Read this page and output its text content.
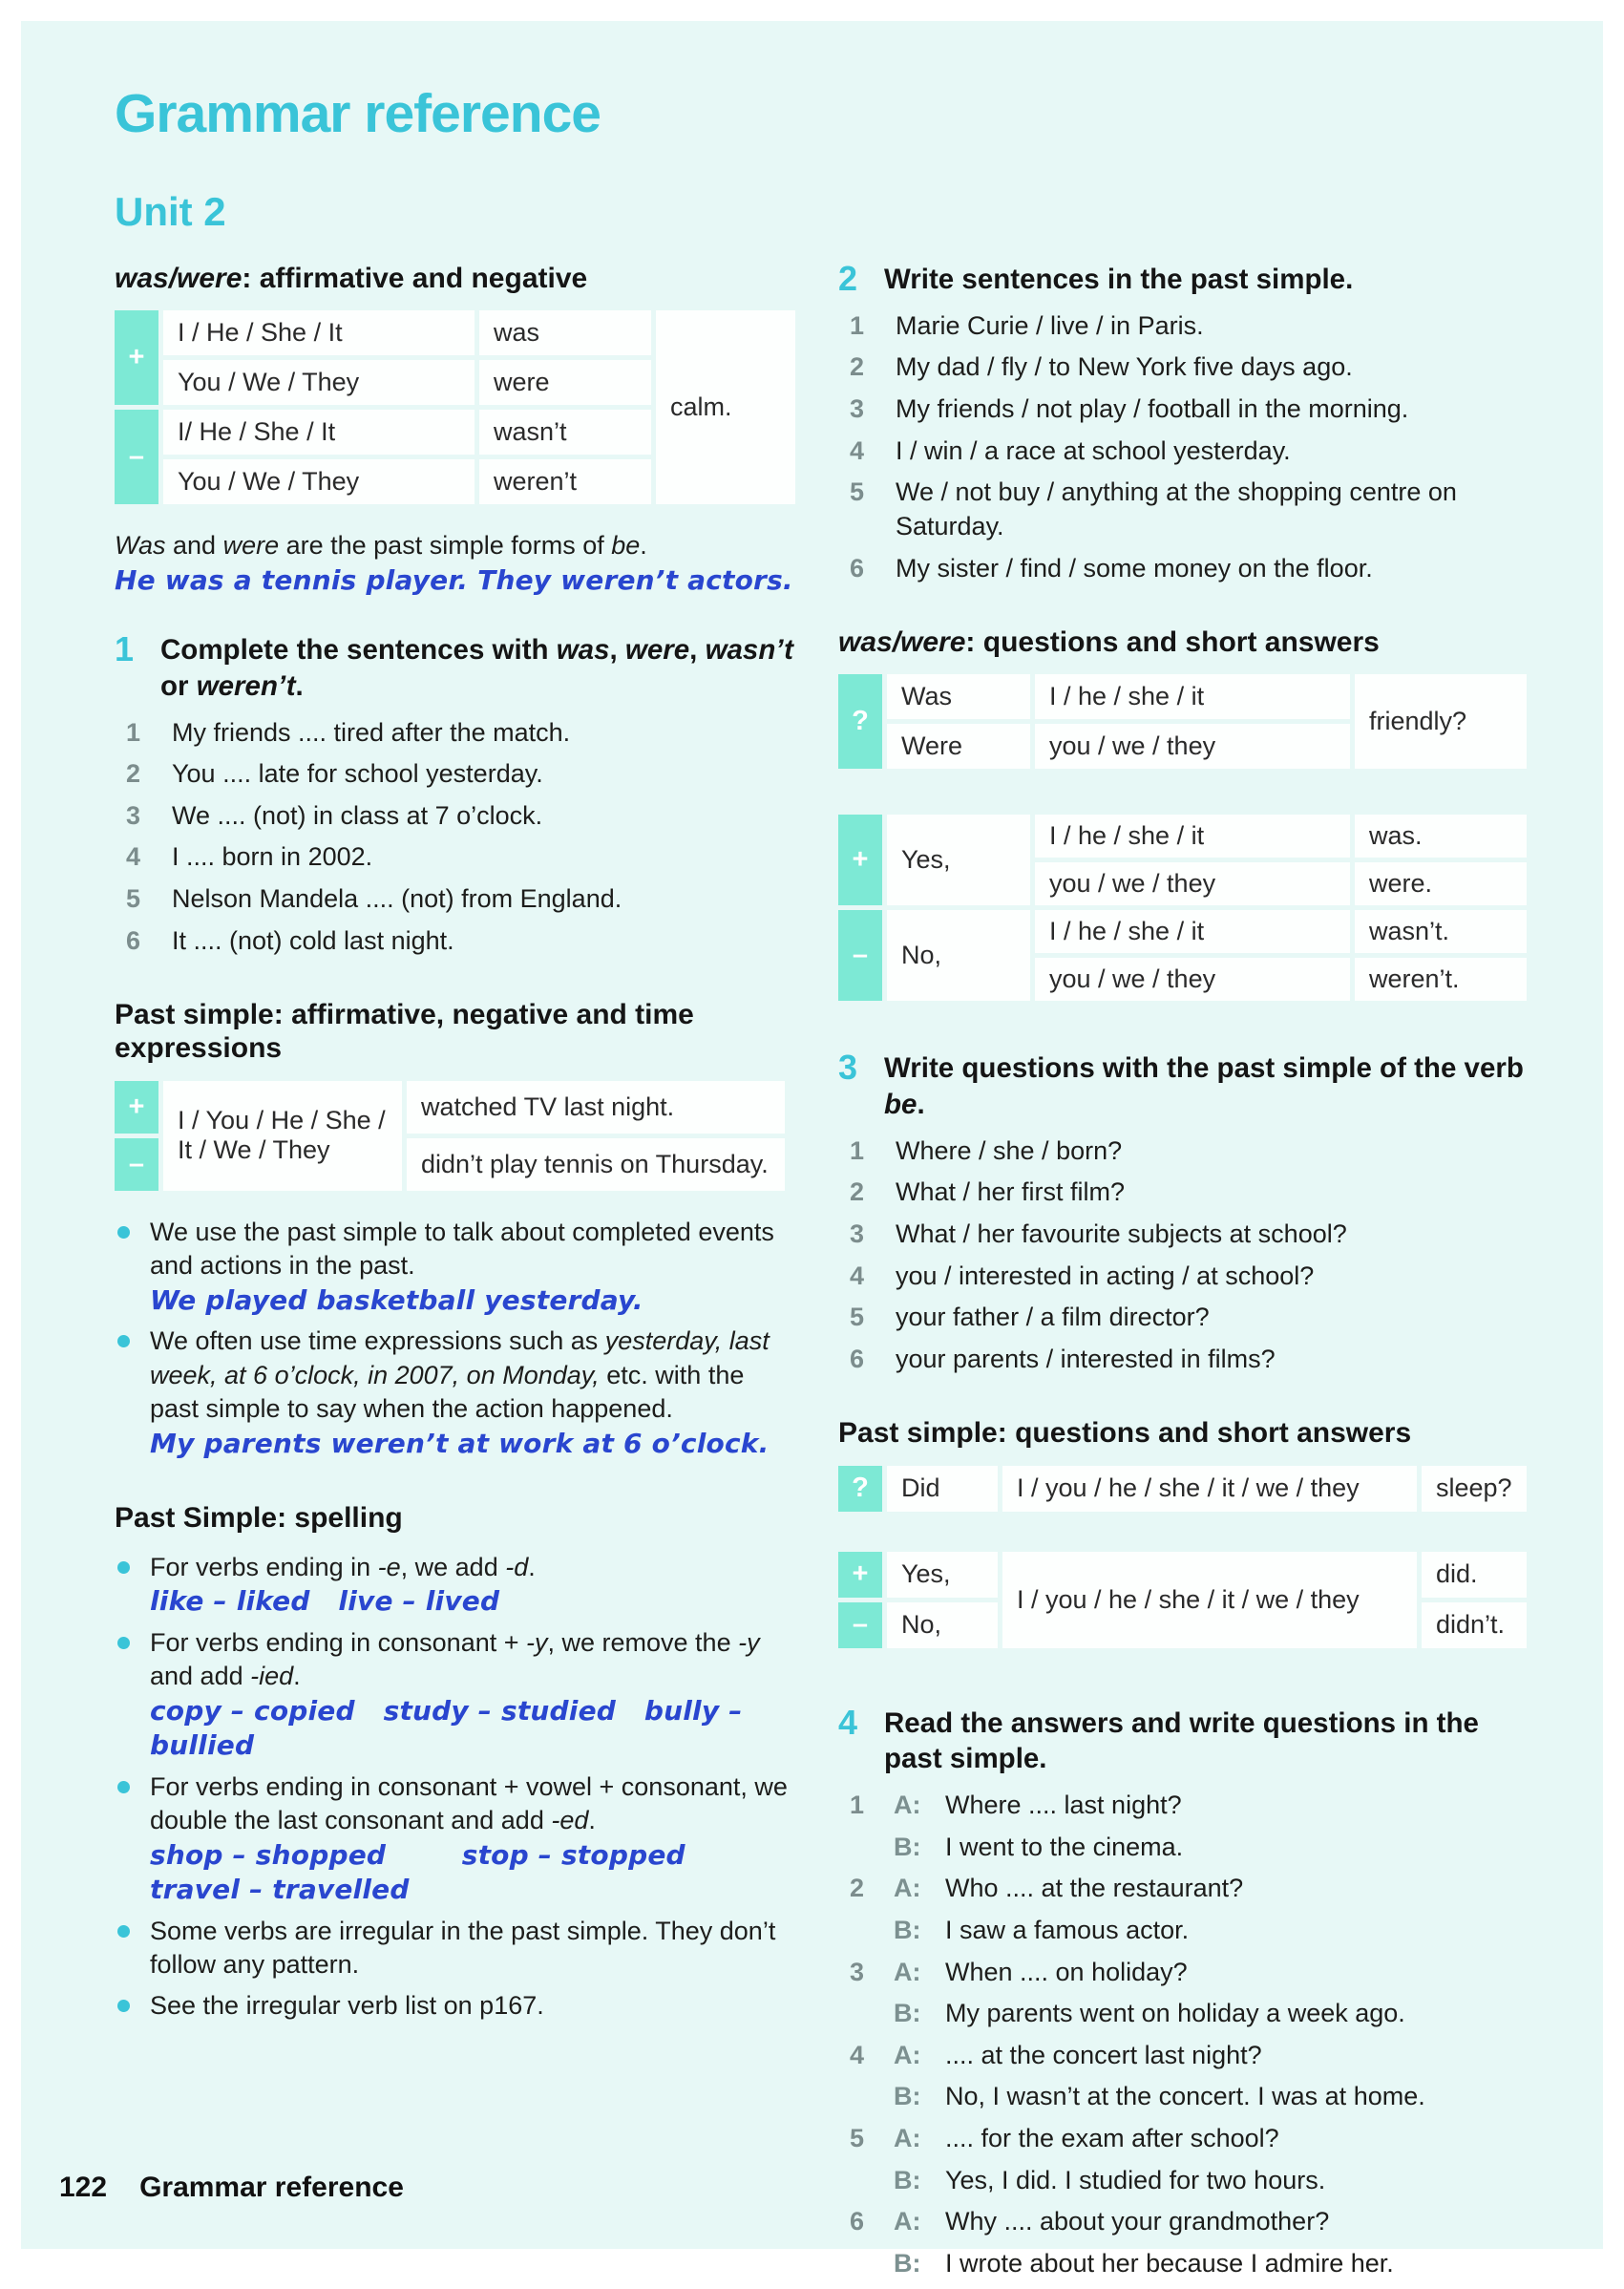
Grammar reference
Unit 2
was/were: affirmative and negative
+
I / He / She / It	was
calm.
You / We / They	were
–
I/ He / She / It	wasn’t
You / We / They	weren’t
Was and were are the past simple forms of be.
He was a tennis player. They weren’t actors.
1 Complete the sentences with was, were, wasn’t or weren’t.
1	My friends .... tired after the match.
2	You .... late for school yesterday.
3	We .... (not) in class at 7 o’clock.
4	I .... born in 2002.
5	Nelson Mandela .... (not) from England.
6	It .... (not) cold last night.
Past simple: affirmative, negative and time expressions
+	I / You / He / She / It / We / They
watched TV last night.
–	didn’t play tennis on Thursday.
We use the past simple to talk about completed events and actions in the past.
We played basketball yesterday.
We often use time expressions such as yesterday, last week, at 6 o’clock, in 2007, on Monday, etc. with the past simple to say when the action happened.
My parents weren’t at work at 6 o’clock.
Past Simple: spelling
For verbs ending in -e, we add -d.
like – liked   live – lived
For verbs ending in consonant + -y, we remove the -y and add -ied.
copy – copied   study – studied   bully – bullied
For verbs ending in consonant + vowel + consonant, we double the last consonant and add -ed.
shop – shopped        stop – stopped
travel – travelled
Some verbs are irregular in the past simple. They don’t follow any pattern.
See the irregular verb list on p167.
2 Write sentences in the past simple.
1	Marie Curie / live / in Paris.
2	My dad / fly / to New York five days ago.
3	My friends / not play / football in the morning.
4	I / win / a race at school yesterday.
5	We / not buy / anything at the shopping centre on Saturday.
6	My sister / find / some money on the floor.
was/were: questions and short answers
?
Was	I / he / she / it
friendly?
Were	you / we / they
+	Yes,
I / he / she / it	was.
you / we / they	were.
–	No,
I / he / she / it	wasn’t.
you / we / they	weren’t.
3 Write questions with the past simple of the verb be.
1	Where / she / born?
2	What / her first film?
3	What / her favourite subjects at school?
4	you / interested in acting / at school?
5	your father / a film director?
6	your parents / interested in films?
Past simple: questions and short answers
?	Did	I / you / he / she / it / we / they	sleep?
+	Yes,
I / you / he / she / it / we / they
did.
–	No,	didn’t.
4 Read the answers and write questions in the past simple.
1	A: Where .... last night?
B: I went to the cinema.
2	A: Who .... at the restaurant?
B: I saw a famous actor.
3	A: When .... on holiday?
B: My parents went on holiday a week ago.
4	A: .... at the concert last night?
B: No, I wasn’t at the concert. I was at home.
5	A: .... for the exam after school?
B: Yes, I did. I studied for two hours.
6	A: Why .... about your grandmother?
B: I wrote about her because I admire her.
122 Grammar reference
